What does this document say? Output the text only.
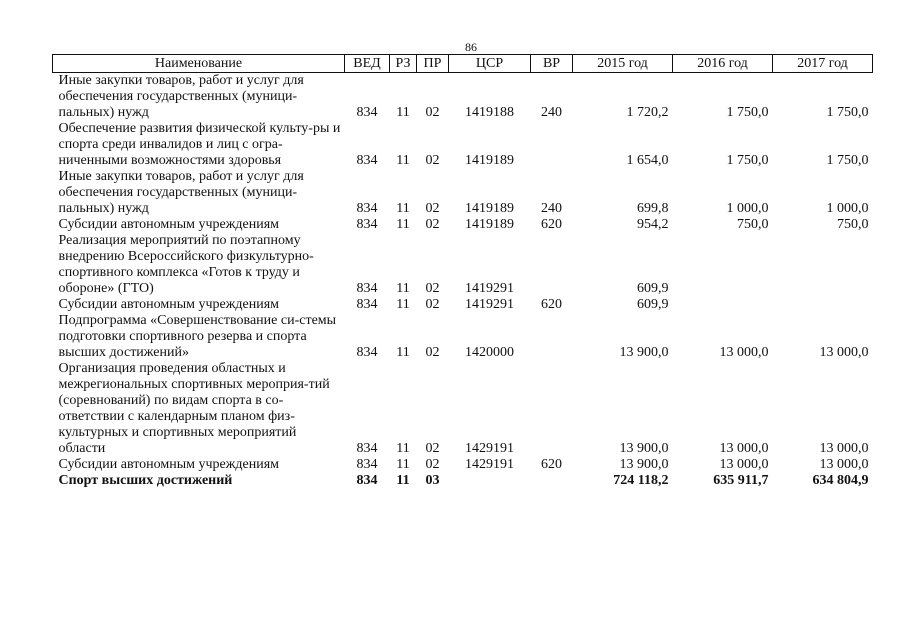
86
Наименование	ВЕД	РЗ	ПР	ЦСР	ВР	2015 год	2016 год	2017 год
Иные закупки товаров, работ и услуг для обеспечения государственных (муници-пальных) нужд	834	11	02	1419188	240	1 720,2	1 750,0	1 750,0
Обеспечение развития физической культу-ры и спорта среди инвалидов и лиц с огра-ниченными возможностями здоровья	834	11	02	1419189		1 654,0	1 750,0	1 750,0
Иные закупки товаров, работ и услуг для обеспечения государственных (муници-пальных) нужд	834	11	02	1419189	240	699,8	1 000,0	1 000,0
Субсидии автономным учреждениям	834	11	02	1419189	620	954,2	750,0	750,0
Реализация мероприятий по поэтапному внедрению Всероссийского физкультурно-спортивного комплекса «Готов к труду и обороне» (ГТО)	834	11	02	1419291		609,9		
Субсидии автономным учреждениям	834	11	02	1419291	620	609,9		
Подпрограмма «Совершенствование си-стемы подготовки спортивного резерва и спорта высших достижений»	834	11	02	1420000		13 900,0	13 000,0	13 000,0
Организация проведения областных и межрегиональных спортивных мероприя-тий (соревнований) по видам спорта в со-ответствии с календарным планом физ-культурных и спортивных мероприятий области	834	11	02	1429191		13 900,0	13 000,0	13 000,0
Субсидии автономным учреждениям	834	11	02	1429191	620	13 900,0	13 000,0	13 000,0
Спорт высших достижений	834	11	03			724 118,2	635 911,7	634 804,9
